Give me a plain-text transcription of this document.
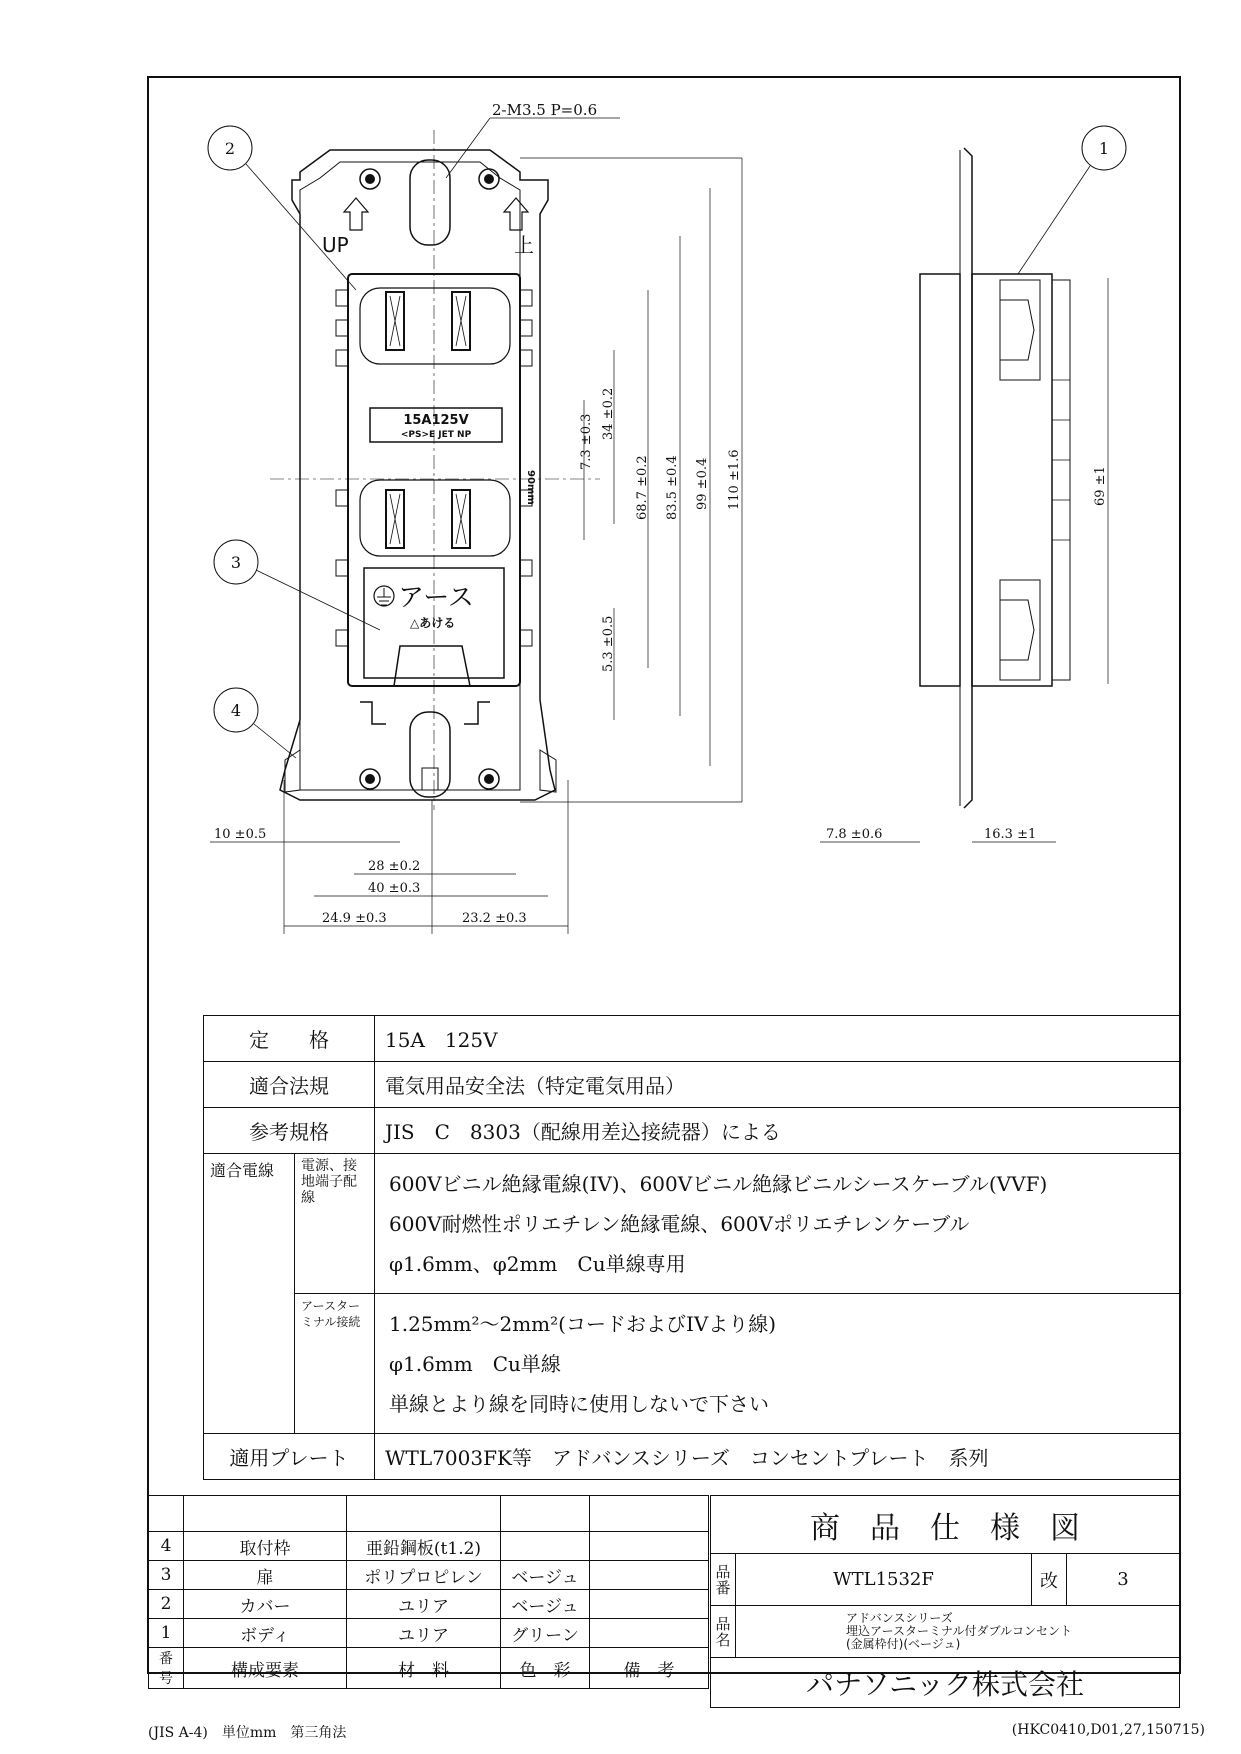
UP	上
15A125V
<PS>E JET NP
90mm
アース
△あける
1
2
3
4
2-M3.5 P=0.6
7.3 ±0.3 34 ±0.2
68.7 ±0.2 83.5 ±0.4 99 ±0.4 110 ±1.6
5.3 ±0.5
69 ±1
10 ±0.5
28 ±0.2
40 ±0.3
24.9 ±0.3	23.2 ±0.3
7.8 ±0.6	16.3 ±1
定　　格		15A　125V
適合法規		電気用品安全法（特定電気用品）
参考規格		JIS　C　8303（配線用差込接続器）による
適合電線	電源、接地端子配線	600Vビニル絶縁電線(IV)、600Vビニル絶縁ビニルシースケーブル(VVF)
600V耐燃性ポリエチレン絶縁電線、600Vポリエチレンケーブル
φ1.6mm、φ2mm　Cu単線専用

	アースターミナル接続	1.25mm²～2mm²(コードおよびIVより線)
φ1.6mm　Cu単線
単線とより線を同時に使用しないで下さい

適用プレート		WTL7003FK等　アドバンスシリーズ　コンセントプレート　系列

4	取付枠	亜鉛鋼板(t1.2)		
3	扉	ポリプロピレン	ベージュ	
2	カバー	ユリア	ベージュ	
1	ボディ	ユリア	グリーン	
番号	構成要素	材　料	色　彩	備　考
商　品　仕　様　図			
品番	WTL1532F	改	3
品名	アドバンスシリーズ
埋込アースターミナル付ダブルコンセント
(金属枠付)(ベージュ)		

パナソニック株式会社			
(JIS A-4)　単位mm　第三角法	(HKC0410,D01,27,150715)
